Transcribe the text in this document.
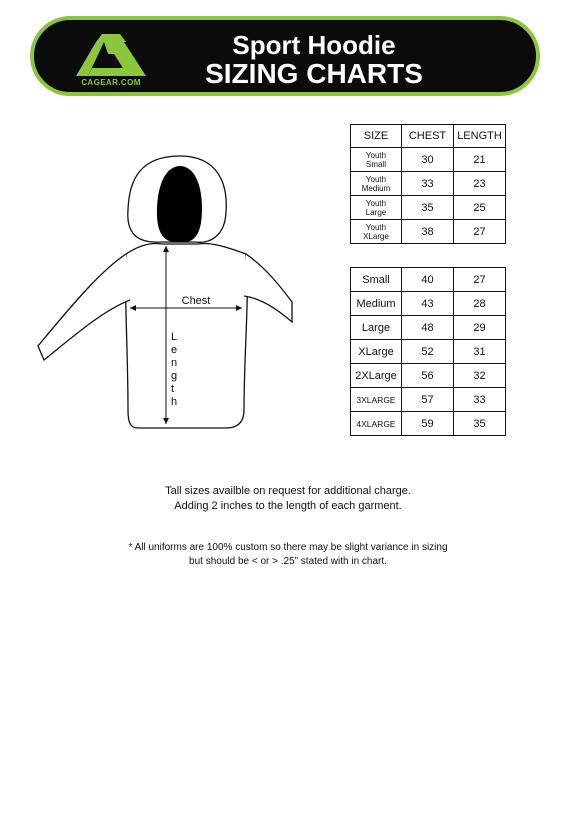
CAGEAR.COM
Sport Hoodie
SIZING CHARTS
Chest
L e n g t h
SIZE	CHEST	LENGTH
Youth
Small	30	21
Youth
Medium	33	23
Youth
Large	35	25
Youth
XLarge	38	27
Small	40	27
Medium	43	28
Large	48	29
XLarge	52	31
2XLarge	56	32
3XLARGE	57	33
4XLARGE	59	35
Tall sizes availble on request for additional charge.
Adding 2 inches to the length of each garment.
* All uniforms are 100% custom so there may be slight variance in sizing
but should be < or > .25” stated with in chart.
